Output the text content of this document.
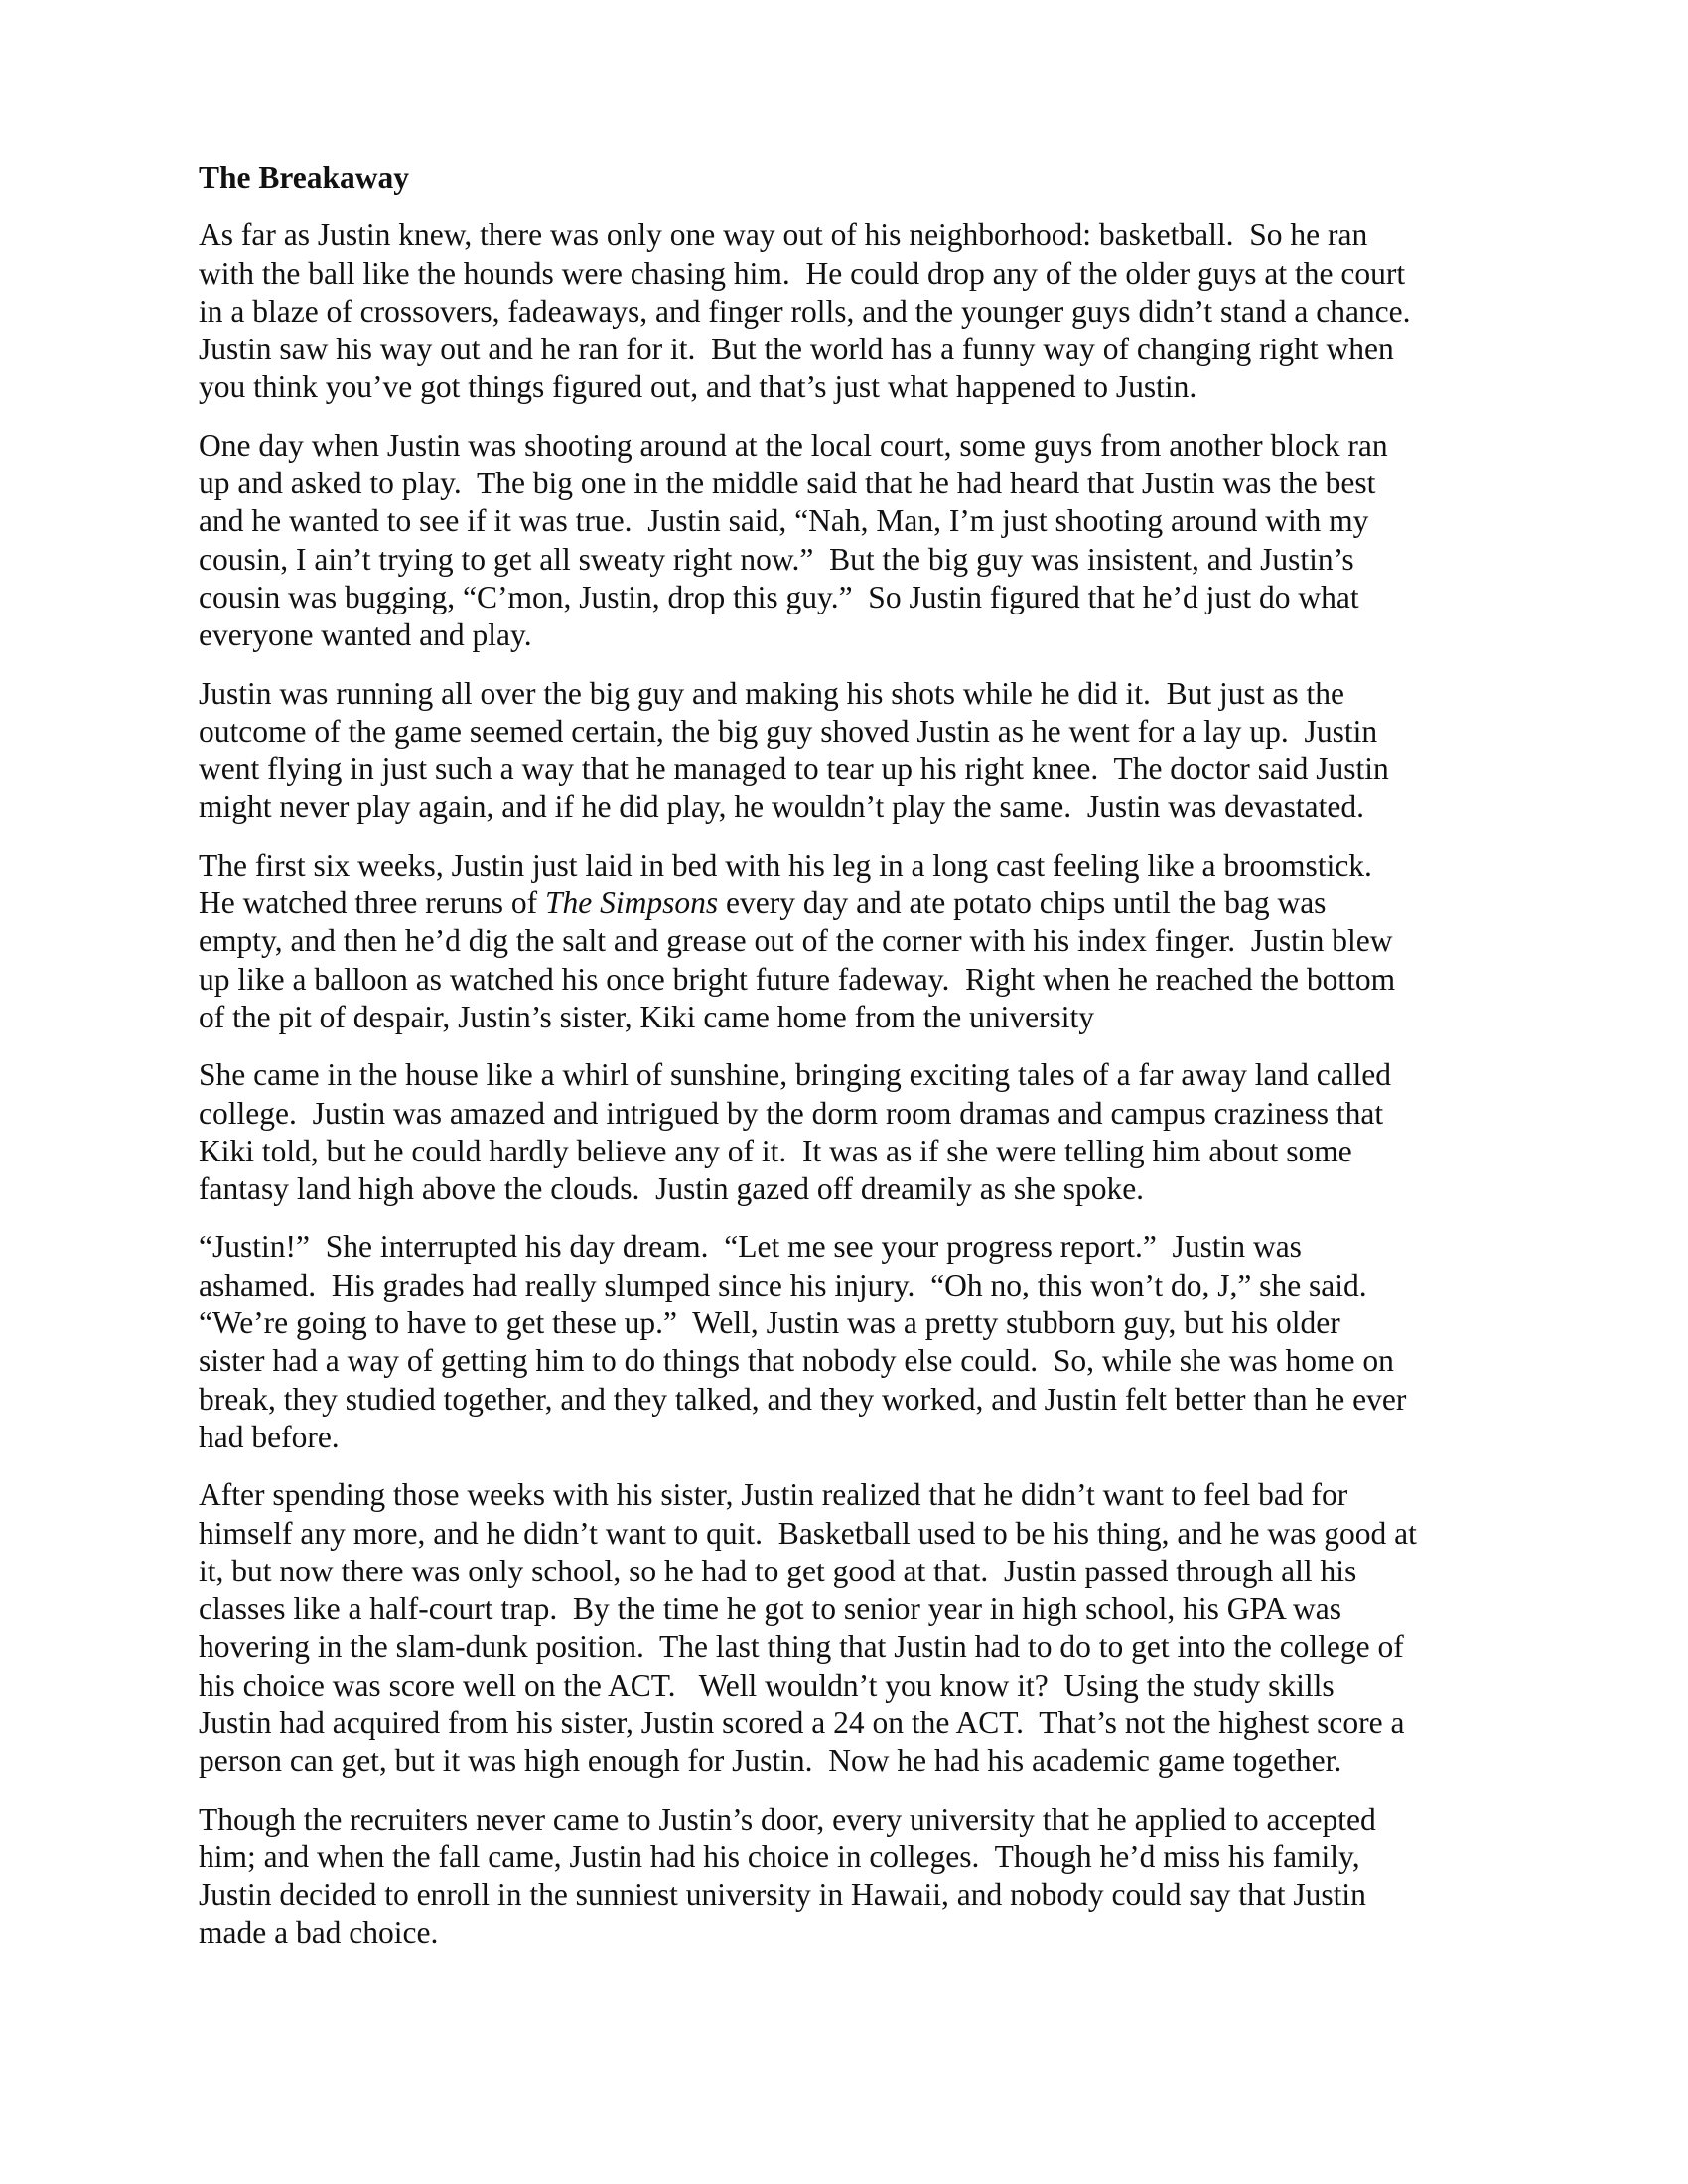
The Breakaway
As far as Justin knew, there was only one way out of his neighborhood: basketball.  So he ran
with the ball like the hounds were chasing him.  He could drop any of the older guys at the court
in a blaze of crossovers, fadeaways, and finger rolls, and the younger guys didn’t stand a chance.
Justin saw his way out and he ran for it.  But the world has a funny way of changing right when
you think you’ve got things figured out, and that’s just what happened to Justin.
One day when Justin was shooting around at the local court, some guys from another block ran
up and asked to play.  The big one in the middle said that he had heard that Justin was the best
and he wanted to see if it was true.  Justin said, “Nah, Man, I’m just shooting around with my
cousin, I ain’t trying to get all sweaty right now.”  But the big guy was insistent, and Justin’s
cousin was bugging, “C’mon, Justin, drop this guy.”  So Justin figured that he’d just do what
everyone wanted and play.
Justin was running all over the big guy and making his shots while he did it.  But just as the
outcome of the game seemed certain, the big guy shoved Justin as he went for a lay up.  Justin
went flying in just such a way that he managed to tear up his right knee.  The doctor said Justin
might never play again, and if he did play, he wouldn’t play the same.  Justin was devastated.
The first six weeks, Justin just laid in bed with his leg in a long cast feeling like a broomstick.
He watched three reruns of The Simpsons every day and ate potato chips until the bag was
empty, and then he’d dig the salt and grease out of the corner with his index finger.  Justin blew
up like a balloon as watched his once bright future fadeway.  Right when he reached the bottom
of the pit of despair, Justin’s sister, Kiki came home from the university
She came in the house like a whirl of sunshine, bringing exciting tales of a far away land called
college.  Justin was amazed and intrigued by the dorm room dramas and campus craziness that
Kiki told, but he could hardly believe any of it.  It was as if she were telling him about some
fantasy land high above the clouds.  Justin gazed off dreamily as she spoke.
“Justin!”  She interrupted his day dream.  “Let me see your progress report.”  Justin was
ashamed.  His grades had really slumped since his injury.  “Oh no, this won’t do, J,” she said.
“We’re going to have to get these up.”  Well, Justin was a pretty stubborn guy, but his older
sister had a way of getting him to do things that nobody else could.  So, while she was home on
break, they studied together, and they talked, and they worked, and Justin felt better than he ever
had before.
After spending those weeks with his sister, Justin realized that he didn’t want to feel bad for
himself any more, and he didn’t want to quit.  Basketball used to be his thing, and he was good at
it, but now there was only school, so he had to get good at that.  Justin passed through all his
classes like a half-court trap.  By the time he got to senior year in high school, his GPA was
hovering in the slam-dunk position.  The last thing that Justin had to do to get into the college of
his choice was score well on the ACT.   Well wouldn’t you know it?  Using the study skills
Justin had acquired from his sister, Justin scored a 24 on the ACT.  That’s not the highest score a
person can get, but it was high enough for Justin.  Now he had his academic game together.
Though the recruiters never came to Justin’s door, every university that he applied to accepted
him; and when the fall came, Justin had his choice in colleges.  Though he’d miss his family,
Justin decided to enroll in the sunniest university in Hawaii, and nobody could say that Justin
made a bad choice.
